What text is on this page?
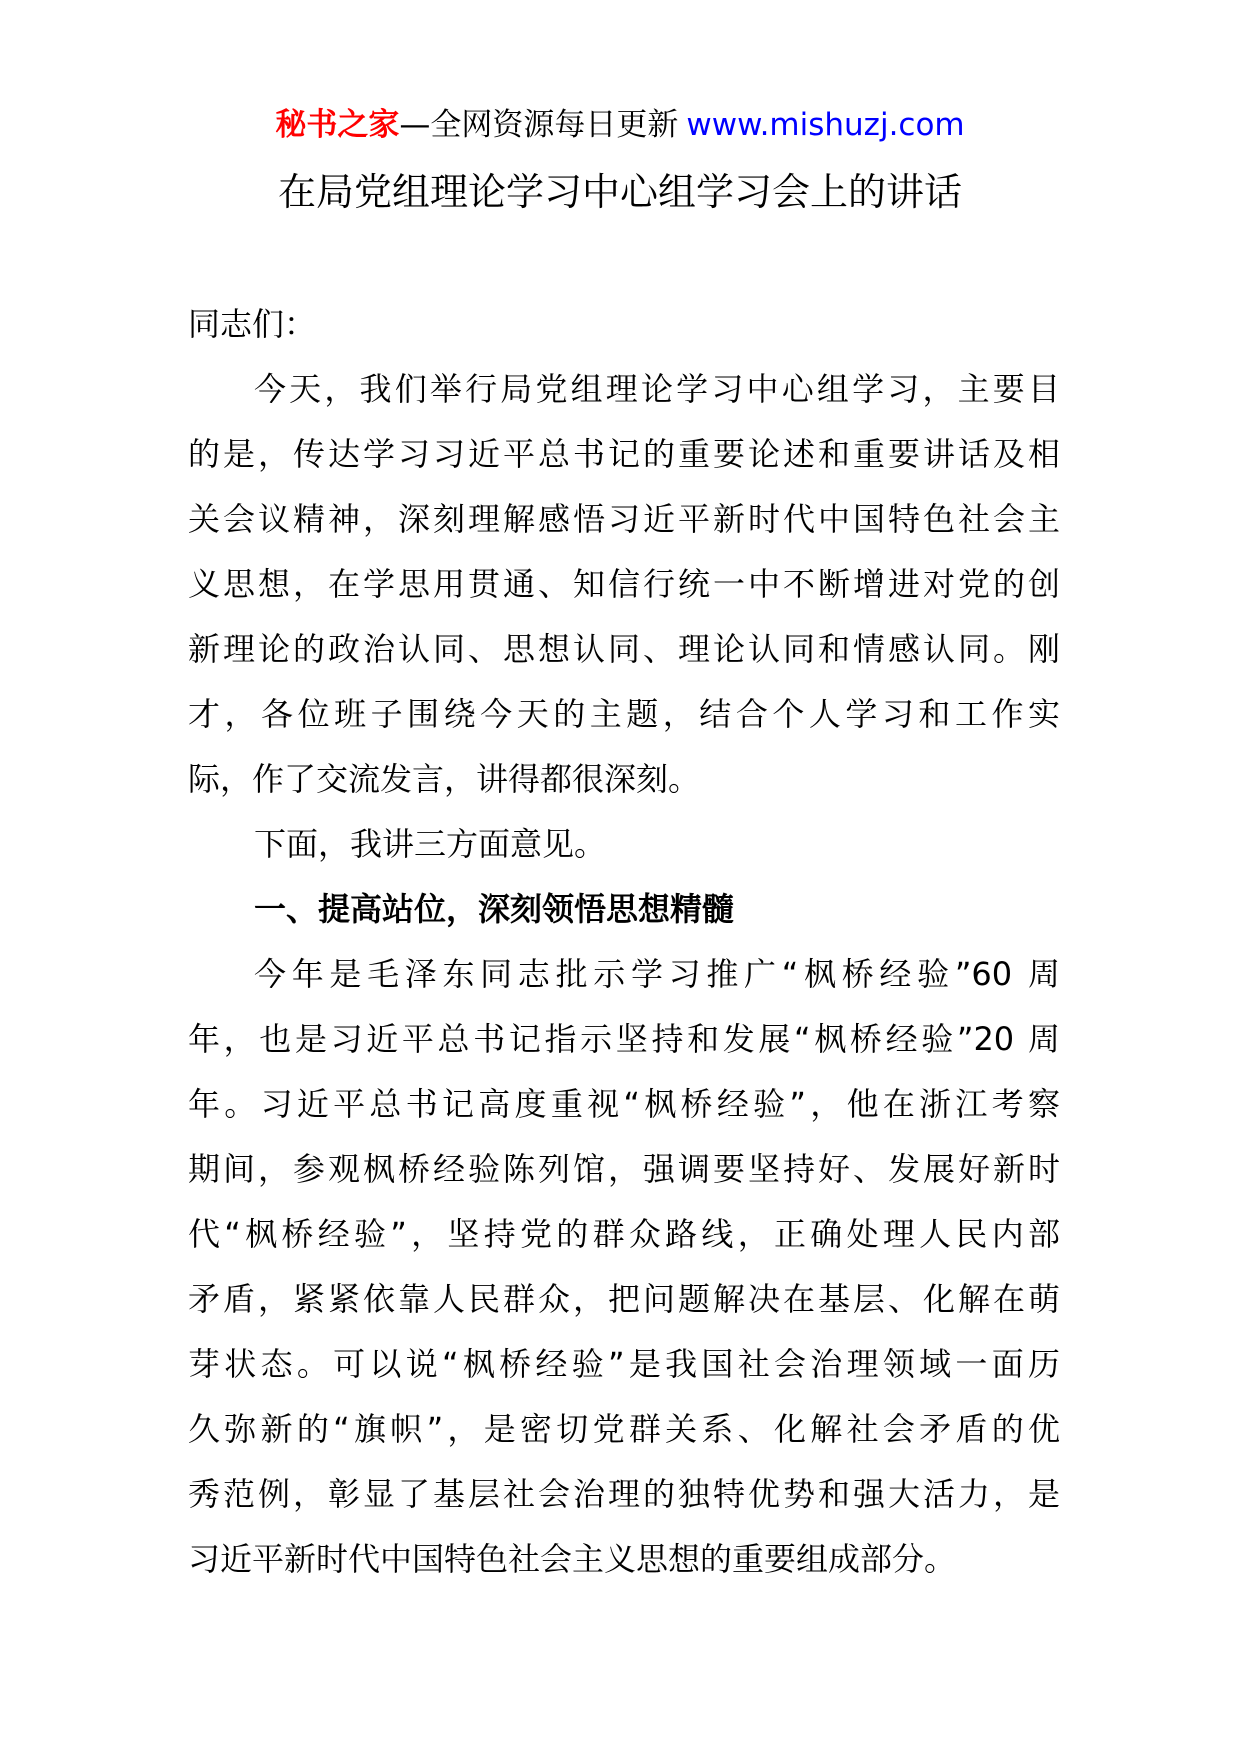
秘书之家—全网资源每日更新 www.mishuzj.com
在局党组理论学习中心组学习会上的讲话
同志们：
今天，我们举行局党组理论学习中心组学习，主要目
的是，传达学习习近平总书记的重要论述和重要讲话及相
关会议精神，深刻理解感悟习近平新时代中国特色社会主
义思想，在学思用贯通、知信行统一中不断增进对党的创
新理论的政治认同、思想认同、理论认同和情感认同。刚
才，各位班子围绕今天的主题，结合个人学习和工作实
际，作了交流发言，讲得都很深刻。
下面，我讲三方面意见。
一、提高站位，深刻领悟思想精髓
今年是毛泽东同志批示学习推广“枫桥经验”60 周
年，也是习近平总书记指示坚持和发展“枫桥经验”20 周
年。习近平总书记高度重视“枫桥经验”，他在浙江考察
期间，参观枫桥经验陈列馆，强调要坚持好、发展好新时
代“枫桥经验”，坚持党的群众路线，正确处理人民内部
矛盾，紧紧依靠人民群众，把问题解决在基层、化解在萌
芽状态。可以说“枫桥经验”是我国社会治理领域一面历
久弥新的“旗帜”，是密切党群关系、化解社会矛盾的优
秀范例，彰显了基层社会治理的独特优势和强大活力，是
习近平新时代中国特色社会主义思想的重要组成部分。
